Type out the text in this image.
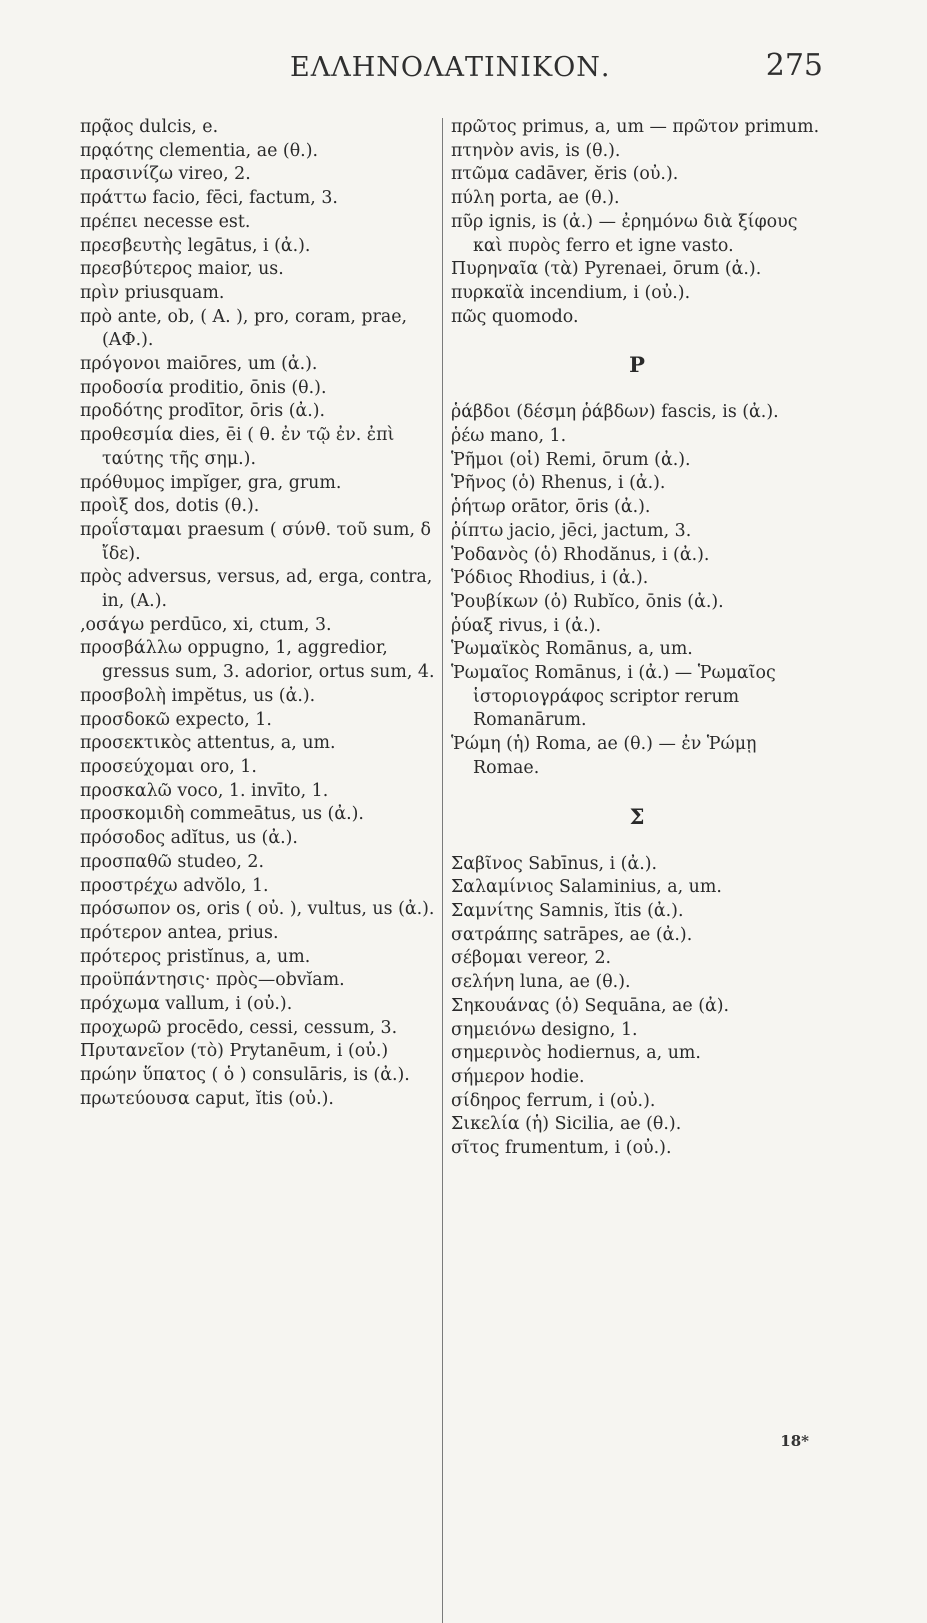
ΕΛΛΗΝΟΛΑΤΙΝΙΚΟΝ.	275
πρᾷος dulcis, e.
πρᾳότης clementia, ae (θ.).
πρασινίζω vireo, 2.
πράττω facio, fēci, factum, 3.
πρέπει necesse est.
πρεσβευτὴς legātus, i (ἀ.).
πρεσβύτερος maior, us.
πρὶν priusquam.
πρὸ ante, ob, ( Α. ), pro, coram, prae, (ΑΦ.).
πρόγονοι maiōres, um (ἀ.).
προδοσία proditio, ōnis (θ.).
προδότης prodītor, ōris (ἀ.).
προθεσμία dies, ēi ( θ. ἐν τῷ ἐν. ἐπὶ ταύτης τῆς σημ.).
πρόθυμος impĭger, gra, grum.
προὶξ dos, dotis (θ.).
προΐσταμαι praesum ( σύνθ. τοῦ sum, δ ἴδε).
πρὸς adversus, versus, ad, erga, contra, in, (Α.).
‚οσάγω perdūco, xi, ctum, 3.
προσβάλλω oppugno, 1, aggredior, gressus sum, 3. adorior, ortus sum, 4.
προσβολὴ impĕtus, us (ἀ.).
προσδοκῶ expecto, 1.
προσεκτικὸς attentus, a, um.
προσεύχομαι oro, 1.
προσκαλῶ voco, 1. invīto, 1.
προσκομιδὴ commeātus, us (ἀ.).
πρόσοδος adĭtus, us (ἀ.).
προσπαθῶ studeo, 2.
προστρέχω advŏlo, 1.
πρόσωπον os, oris ( οὐ. ), vultus, us (ἀ.).
πρότερον antea, prius.
πρότερος pristĭnus, a, um.
προϋπάντησις· πρὸς—obvĭam.
πρόχωμα vallum, i (οὐ.).
προχωρῶ procēdo, cessi, cessum, 3.
Πρυτανεῖον (τὸ) Prytanēum, i (οὐ.)
πρώην ὕπατος ( ὁ ) consulāris, is (ἀ.).
πρωτεύουσα caput, ĭtis (οὐ.).
πρῶτος primus, a, um — πρῶτον primum.
πτηνὸν avis, is (θ.).
πτῶμα cadāver, ĕris (οὐ.).
πύλη porta, ae (θ.).
πῦρ ignis, is (ἀ.) — ἐρημόνω διὰ ξίφους καὶ πυρὸς ferro et igne vasto.
Πυρηναῖα (τὰ) Pyrenaei, ōrum (ἀ.).
πυρκαϊὰ incendium, i (οὐ.).
πῶς quomodo.
Ρ
ῥάβδοι (δέσμη ῥάβδων) fascis, is (ἀ.).
ῥέω mano, 1.
Ῥῆμοι (οἱ) Remi, ōrum (ἀ.).
Ῥῆνος (ὁ) Rhenus, i (ἀ.).
ῥήτωρ orātor, ōris (ἀ.).
ῥίπτω jacio, jēci, jactum, 3.
Ῥοδανὸς (ὁ) Rhodănus, i (ἀ.).
Ῥόδιος Rhodius, i (ἀ.).
Ῥουβίκων (ὁ) Rubĭco, ōnis (ἀ.).
ῥύαξ rivus, i (ἀ.).
Ῥωμαϊκὸς Romānus, a, um.
Ῥωμαῖος Romānus, i (ἀ.) — Ῥωμαῖος ἱστοριογράφος scriptor rerum Romanārum.
Ῥώμη (ἡ) Roma, ae (θ.) — ἐν Ῥώμῃ Romae.
Σ
Σαβῖνος Sabīnus, i (ἀ.).
Σαλαμίνιος Salaminius, a, um.
Σαμνίτης Samnis, ĭtis (ἀ.).
σατράπης satrāpes, ae (ἀ.).
σέβομαι vereor, 2.
σελήνη luna, ae (θ.).
Σηκουάνας (ὁ) Sequāna, ae (ἀ).
σημειόνω designo, 1.
σημερινὸς hodiernus, a, um.
σήμερον hodie.
σίδηρος ferrum, i (οὐ.).
Σικελία (ἡ) Sicilia, ae (θ.).
σῖτος frumentum, i (οὐ.).
18*
